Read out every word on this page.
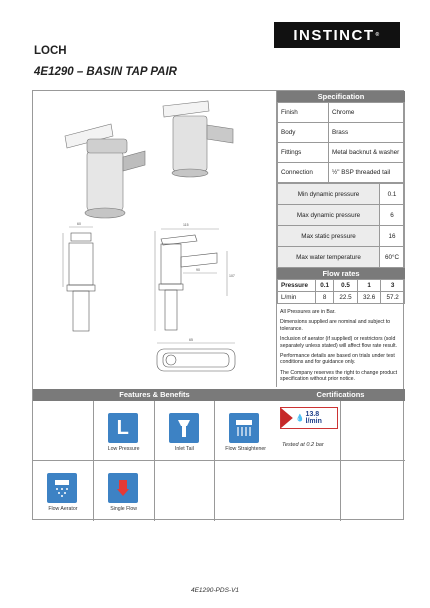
INSTINCT ®
LOCH
4E1290 – BASIN TAP PAIR
60	115
90
107
65
Specification
Finish	Chrome
Body	Brass
Fittings	Metal backnut & washer
Connection	½" BSP threaded tail
Min dynamic pressure	0.1
Max dynamic pressure	6
Max static pressure	16
Max water temperature	60°C
Flow rates
Pressure	0.1	0.5	1	3
L/min	8	22.5	32.6	57.2

All Pressures are in Bar.

Dimensions supplied are nominal and subject to tolerance.

Inclusion of aerator (if supplied) or restrictors (sold separately unless stated) will affect flow rate result.

Performance details are based on trials under test conditions and for guidance only.

The Company reserves the right to change product specification without prior notice.

Features & Benefits	Certifications
L
Low Pressure	Inlet Tail	Flow Straightener
Flow Aerator	Single Flow
💧
13.8 l/min
Tested at 0.2 bar
4E1290-PDS-V1
